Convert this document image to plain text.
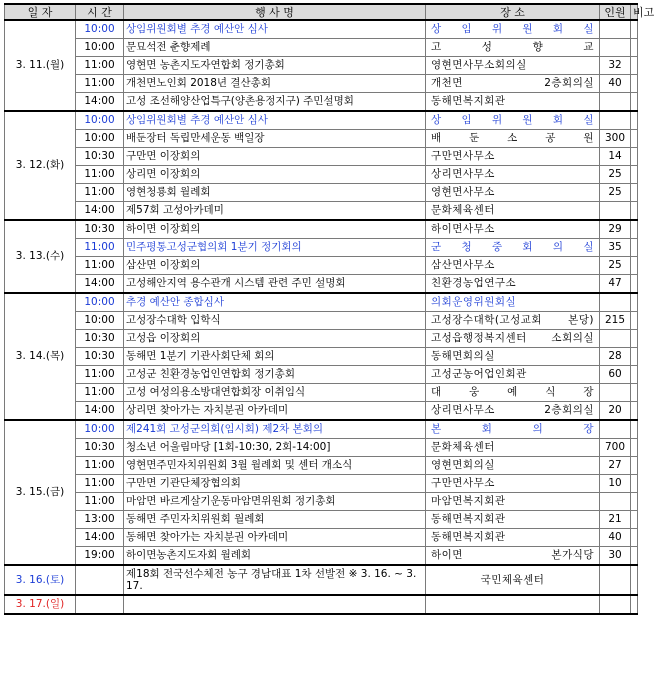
일 자	시 간	행 사 명	장 소	인원	비고
3. 11.(월)	10:00	상임위원회별 추경 예산안 심사	상 임 위 원 회 실		
	10:00	문묘석전 춘향제례	고 성 향 교		
	11:00	영현면 농촌지도자연합회 정기총회	영현면사무소회의실	32	
	11:00	개천면노인회 2018년 결산총회	개천면 2층회의실	40	
	14:00	고성 조선해양산업특구(양촌용정지구) 주민설명회	동해면복지회관		
3. 12.(화)	10:00	상임위원회별 추경 예산안 심사	상 임 위 원 회 실		
	10:00	배둔장터 독립만세운동 백일장	배 둔 소 공 원	300	
	10:30	구만면 이장회의	구만면사무소	14	
	11:00	상리면 이장회의	상리면사무소	25	
	11:00	영현청룡회 월례회	영현면사무소	25	
	14:00	제57회 고성아카데미	문화체육센터		
3. 13.(수)	10:30	하이면 이장회의	하이면사무소	29	
	11:00	민주평통고성군협의회 1분기 정기회의	군 청 중 회 의 실	35	
	11:00	삼산면 이장회의	삼산면사무소	25	
	14:00	고성해안지역 용수관개 시스템 관련 주민 설명회	친환경농업연구소	47	
3. 14.(목)	10:00	추경 예산안 종합심사	의회운영위원회실		
	10:00	고성장수대학 입학식	고성장수대학(고성교회 본당)	215	
	10:30	고성읍 이장회의	고성읍행정복지센터 소회의실		
	10:30	동해면 1분기 기관사회단체 회의	동해면회의실	28	
	11:00	고성군 친환경농업인연합회 정기총회	고성군농어업인회관	60	
	11:00	고성 여성의용소방대연합회장 이취임식	대 웅 예 식 장		
	14:00	상리면 찾아가는 자치분권 아카데미	상리면사무소 2층회의실	20	
3. 15.(금)	10:00	제241회 고성군의회(임시회) 제2차 본회의	본 회 의 장		
	10:30	청소년 어울림마당 [1회-10:30, 2회-14:00]	문화체육센터	700	
	11:00	영현면주민자치위원회 3월 월례회 및 센터 개소식	영현면회의실	27	
	11:00	구만면 기관단체장협의회	구만면사무소	10	
	11:00	마암면 바르게살기운동마암면위원회 정기총회	마암면복지회관		
	13:00	동해면 주민자치위원회 월례회	동해면복지회관	21	
	14:00	동해면 찾아가는 자치분권 아카데미	동해면복지회관	40	
	19:00	하이면농촌지도자회 월례회	하이면 본가식당	30	
3. 16.(토)		제18회 전국선수체전 농구 경남대표 1차 선발전 ※ 3. 16. ~ 3. 17.	국민체육센터		
3. 17.(일)					
